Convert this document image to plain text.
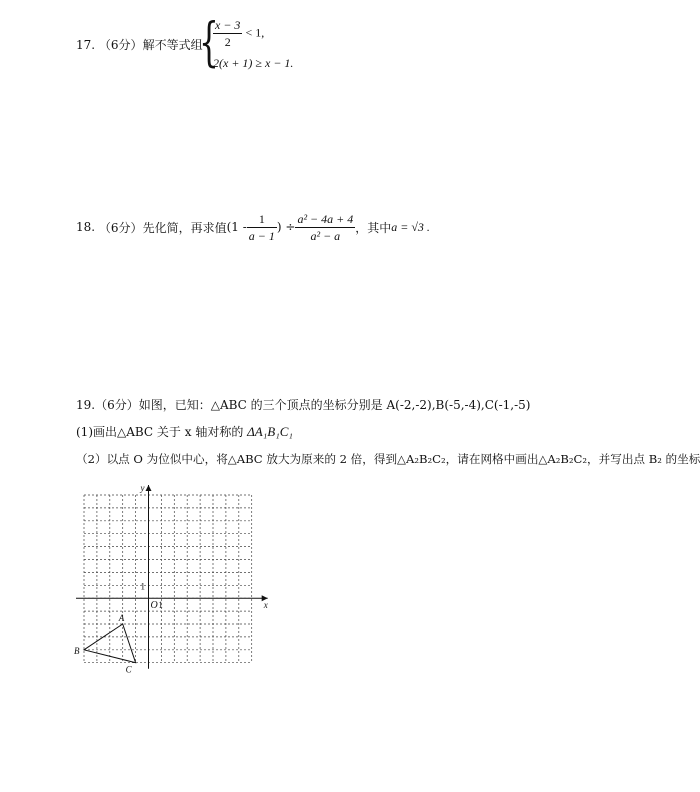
17. （6分）解不等式组
{
$\frac{x - 3}{2} < 1$,
2(x + 1) ≥ x − 1.
18.
（6分） 先化简，再求值 ($1 - \frac{1}{a - 1}$ ) ÷ $\frac{\text{a² − 4a + 4}}{\text{a² − a}}$ ，其中 a = √3 .
19.（6分）如图，已知：△ABC 的三个顶点的坐标分别是 A(-2,-2),B(-5,-4),C(-1,-5)
(1)画出△ABC 关于 x 轴对称的 ΔA₁B₁C₁
（2）以点 O 为位似中心，将△ABC 放大为原来的 2 倍，得到△A₂B₂C₂，请在网格中画出△A₂B₂C₂，并写出点 B₂ 的坐标
y
x
O 1
1
A
B
C
